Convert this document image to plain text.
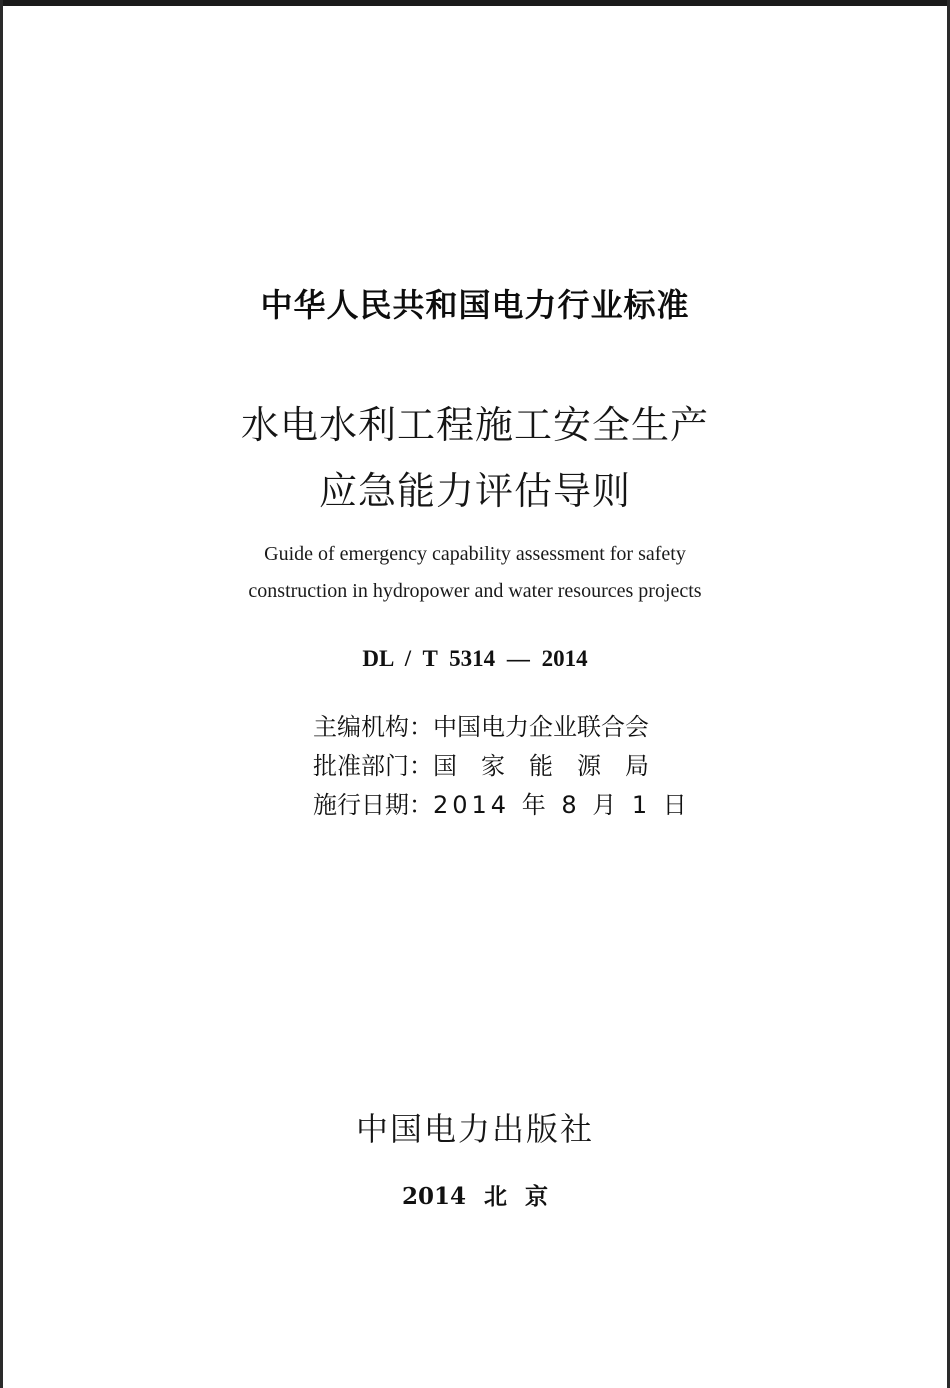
中华人民共和国电力行业标准
水电水利工程施工安全生产
应急能力评估导则
Guide of emergency capability assessment for safety
construction in hydropower and water resources projects
DL / T 5314 — 2014
主编机构：中国电力企业联合会
批准部门：国家能源局
施行日期：2014 年 8 月 1 日
中国电力出版社
2014 北 京
